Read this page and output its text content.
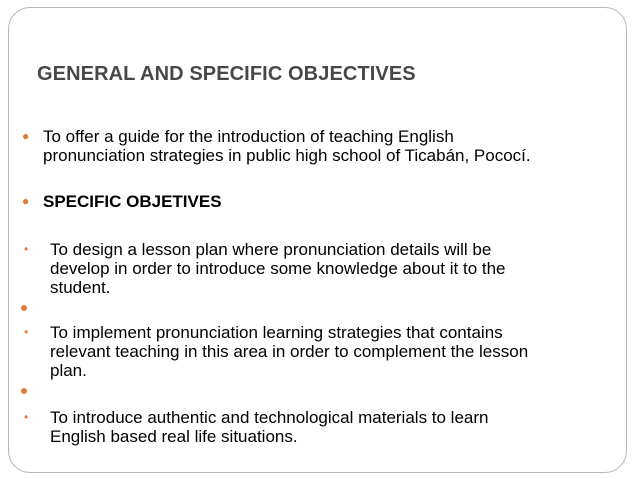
GENERAL AND SPECIFIC OBJECTIVES
● To offer a guide for the introduction of teaching English
pronunciation strategies in public high school of Ticabán, Pococí.
● SPECIFIC OBJETIVES
• To design a lesson plan where pronunciation details will be
develop in order to introduce some knowledge about it to the
student.
• To implement pronunciation learning strategies that contains
relevant teaching in this area in order to complement the lesson
plan.
• To introduce authentic and technological materials to learn
English based real life situations.
